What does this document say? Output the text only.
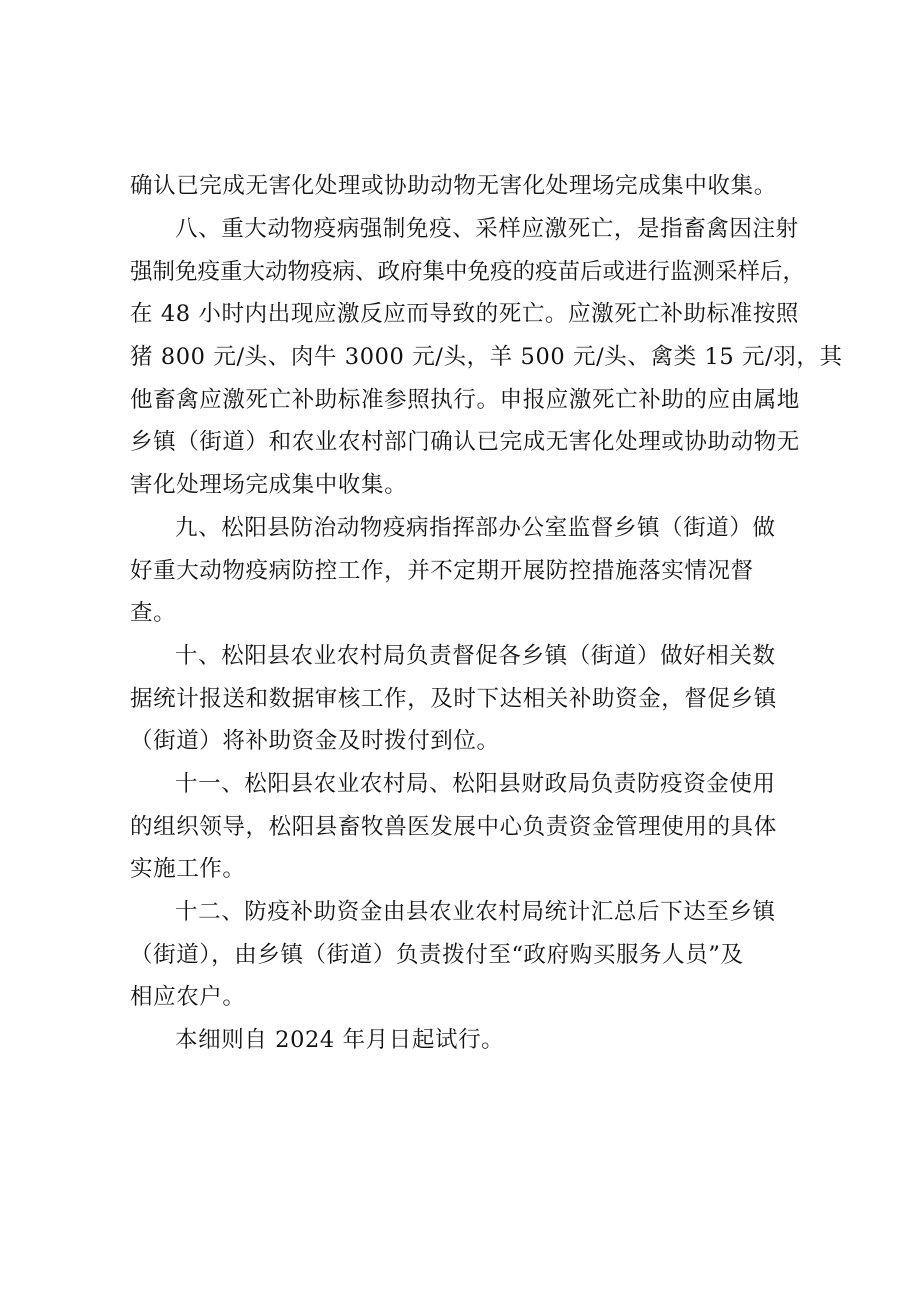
确认已完成无害化处理或协助动物无害化处理场完成集中收集。
八、重大动物疫病强制免疫、采样应激死亡，是指畜禽因注射
强制免疫重大动物疫病、政府集中免疫的疫苗后或进行监测采样后，
在 48 小时内出现应激反应而导致的死亡。应激死亡补助标准按照
猪 800 元/头、肉牛 3000 元/头，羊 500 元/头、禽类 15 元/羽，其
他畜禽应激死亡补助标准参照执行。申报应激死亡补助的应由属地
乡镇（街道）和农业农村部门确认已完成无害化处理或协助动物无
害化处理场完成集中收集。
九、松阳县防治动物疫病指挥部办公室监督乡镇（街道）做
好重大动物疫病防控工作，并不定期开展防控措施落实情况督
查。
十、松阳县农业农村局负责督促各乡镇（街道）做好相关数
据统计报送和数据审核工作，及时下达相关补助资金，督促乡镇
（街道）将补助资金及时拨付到位。
十一、松阳县农业农村局、松阳县财政局负责防疫资金使用
的组织领导，松阳县畜牧兽医发展中心负责资金管理使用的具体
实施工作。
十二、防疫补助资金由县农业农村局统计汇总后下达至乡镇
（街道），由乡镇（街道）负责拨付至“政府购买服务人员”及
相应农户。
本细则自 2024 年月日起试行。
